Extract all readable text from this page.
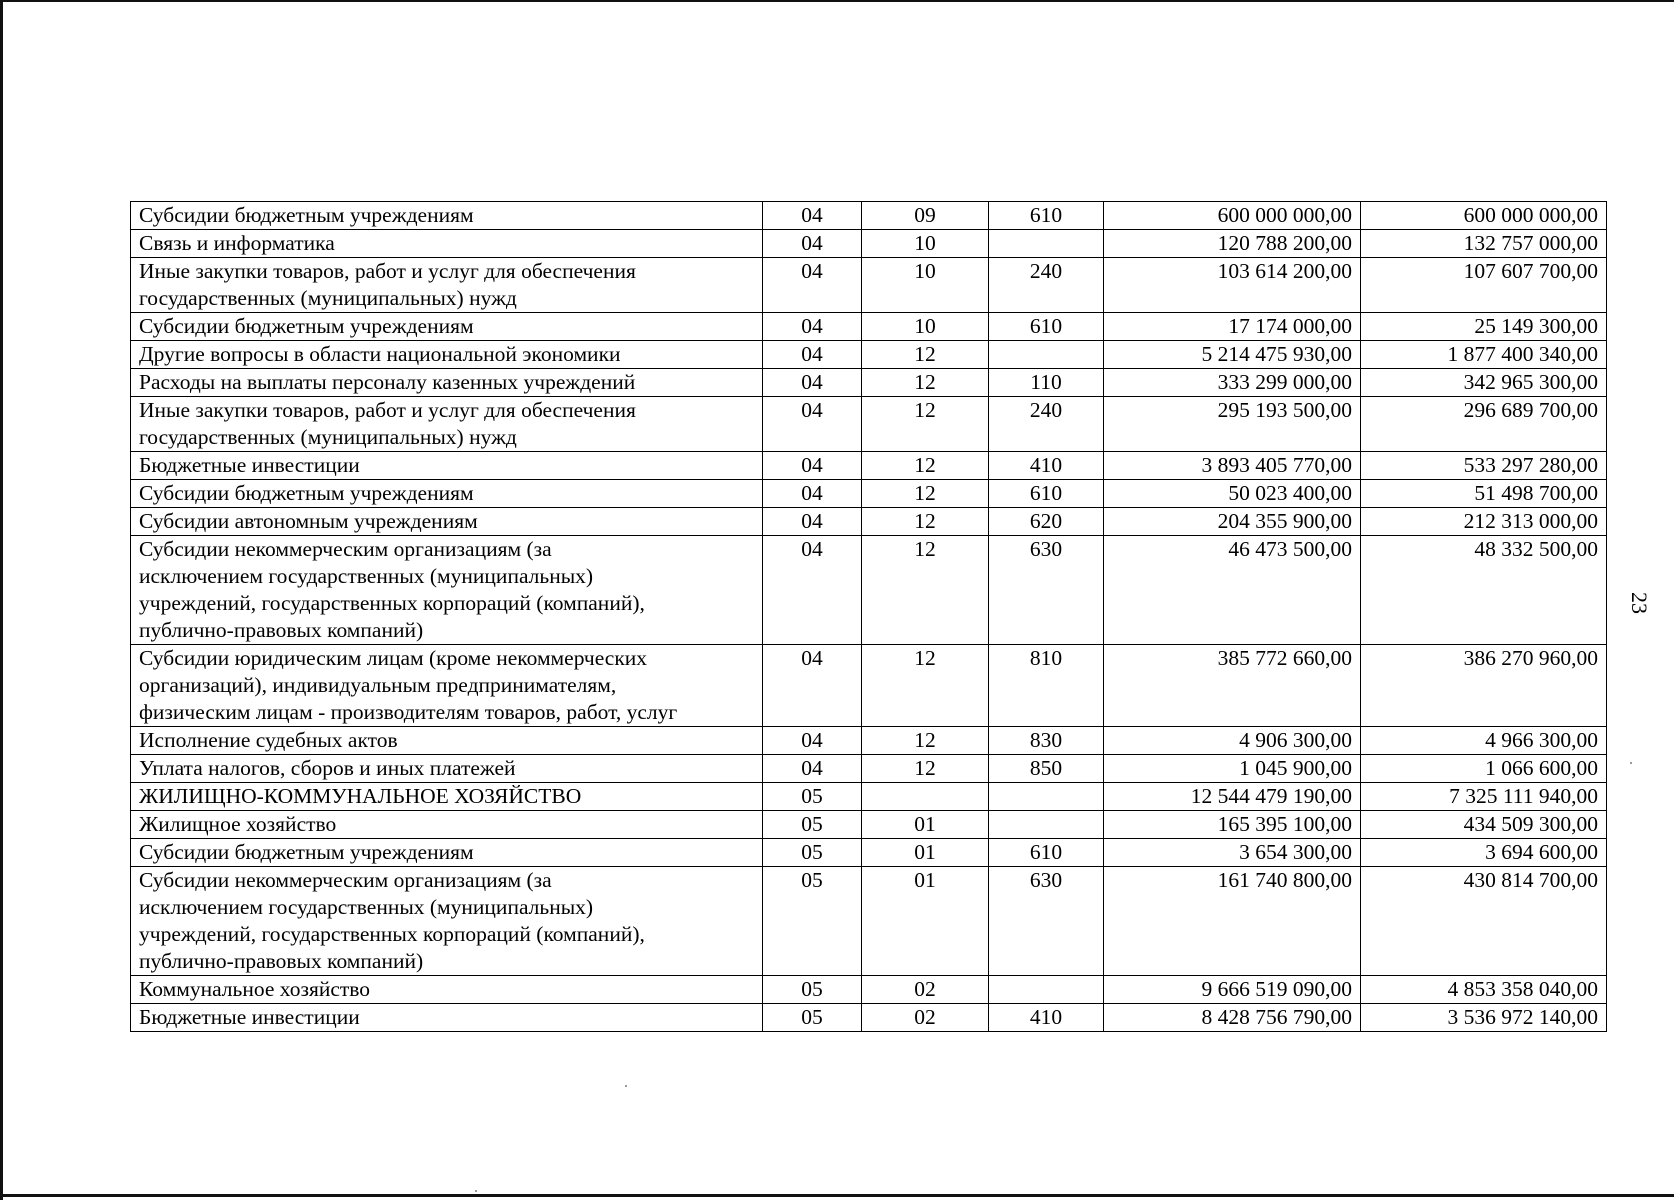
23
Субсидии бюджетным учреждениям	04	09	610	600 000 000,00	600 000 000,00
Связь и информатика	04	10		120 788 200,00	132 757 000,00
Иные закупки товаров, работ и услуг для обеспечения
государственных (муниципальных) нужд	04	10	240	103 614 200,00	107 607 700,00
Субсидии бюджетным учреждениям	04	10	610	17 174 000,00	25 149 300,00
Другие вопросы в области национальной экономики	04	12		5 214 475 930,00	1 877 400 340,00
Расходы на выплаты персоналу казенных учреждений	04	12	110	333 299 000,00	342 965 300,00
Иные закупки товаров, работ и услуг для обеспечения
государственных (муниципальных) нужд	04	12	240	295 193 500,00	296 689 700,00
Бюджетные инвестиции	04	12	410	3 893 405 770,00	533 297 280,00
Субсидии бюджетным учреждениям	04	12	610	50 023 400,00	51 498 700,00
Субсидии автономным учреждениям	04	12	620	204 355 900,00	212 313 000,00
Субсидии некоммерческим организациям (за
исключением государственных (муниципальных)
учреждений, государственных корпораций (компаний),
публично-правовых компаний)	04	12	630	46 473 500,00	48 332 500,00
Субсидии юридическим лицам (кроме некоммерческих
организаций), индивидуальным предпринимателям,
физическим лицам - производителям товаров, работ, услуг	04	12	810	385 772 660,00	386 270 960,00
Исполнение судебных актов	04	12	830	4 906 300,00	4 966 300,00
Уплата налогов, сборов и иных платежей	04	12	850	1 045 900,00	1 066 600,00
ЖИЛИЩНО-КОММУНАЛЬНОЕ ХОЗЯЙСТВО	05			12 544 479 190,00	7 325 111 940,00
Жилищное хозяйство	05	01		165 395 100,00	434 509 300,00
Субсидии бюджетным учреждениям	05	01	610	3 654 300,00	3 694 600,00
Субсидии некоммерческим организациям (за
исключением государственных (муниципальных)
учреждений, государственных корпораций (компаний),
публично-правовых компаний)	05	01	630	161 740 800,00	430 814 700,00
Коммунальное хозяйство	05	02		9 666 519 090,00	4 853 358 040,00
Бюджетные инвестиции	05	02	410	8 428 756 790,00	3 536 972 140,00
